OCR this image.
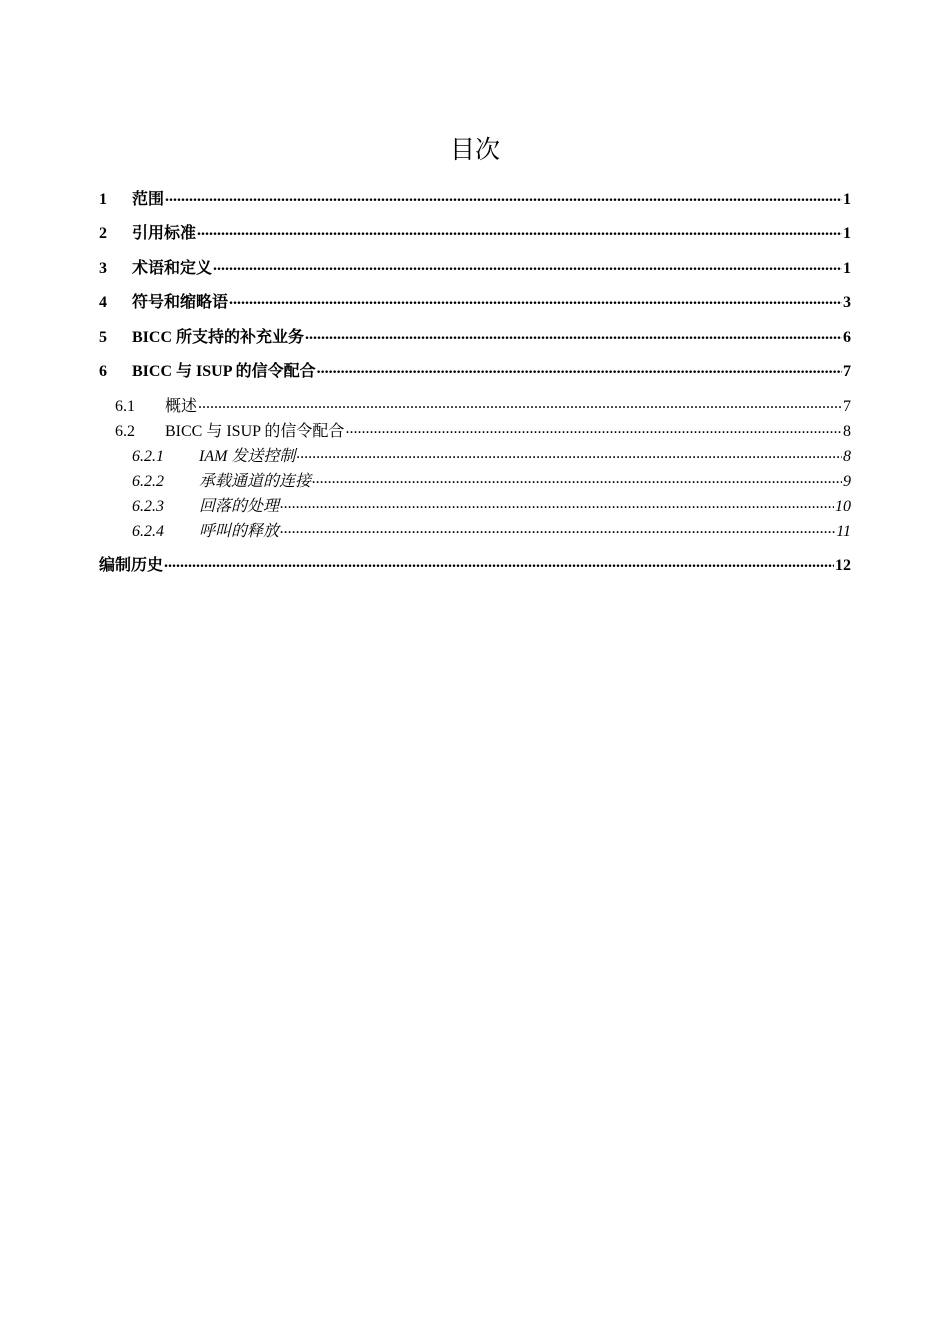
目次
1	范围 .....	1
2	引用标准 .....	1
3	术语和定义 .....	1
4	符号和缩略语 .....	3
5	BICC 所支持的补充业务 .....	6
6	BICC 与 ISUP 的信令配合 .....	7
6.1	概述 .....	7
6.2	BICC 与 ISUP 的信令配合 .....	8
6.2.1	IAM 发送控制 .....	8
6.2.2	承载通道的连接 .....	9
6.2.3	回落的处理 .....	10
6.2.4	呼叫的释放 .....	11
编制历史 .....	12
